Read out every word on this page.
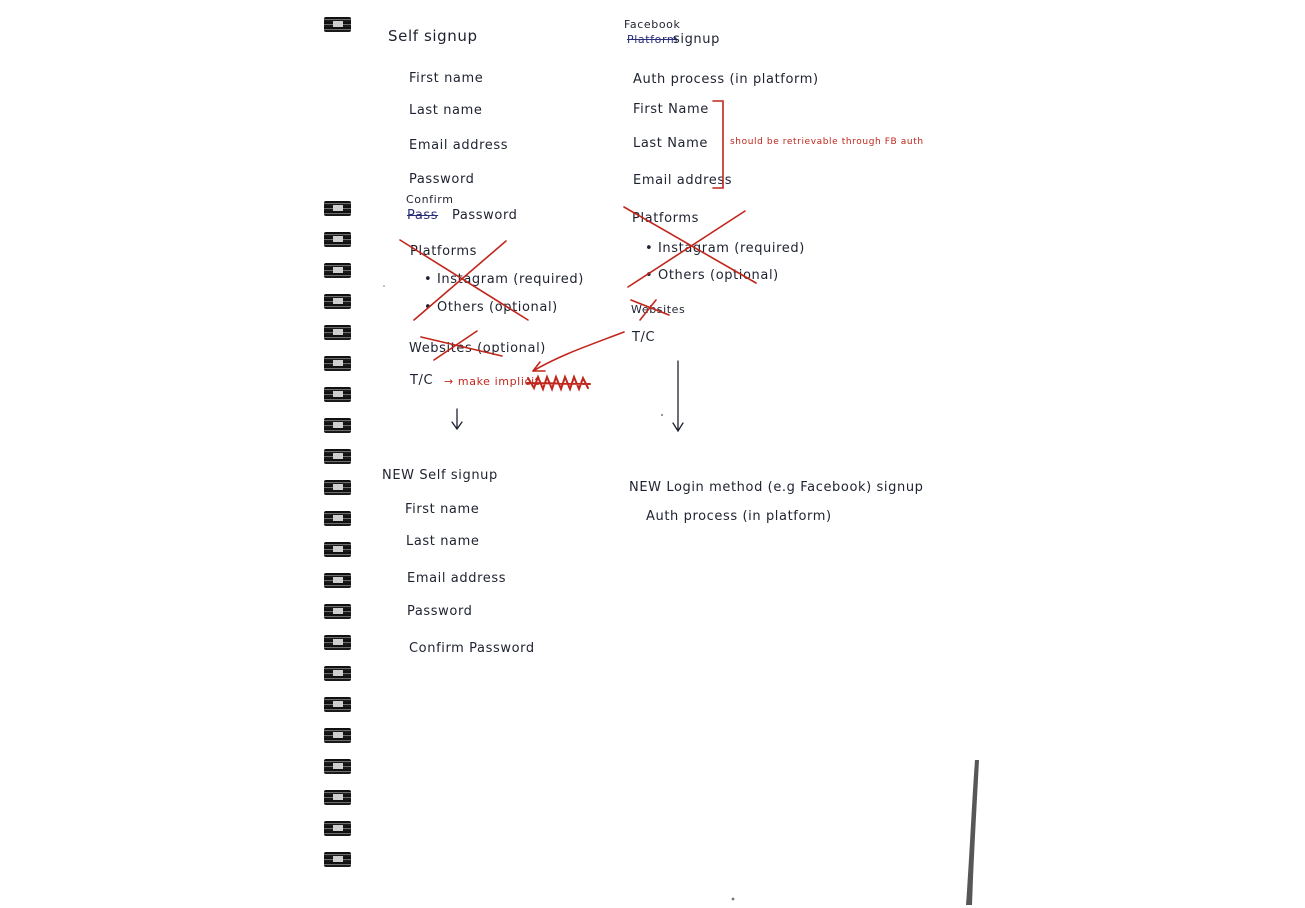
Self signup
First name
Last name
Email address
Password
Confirm
Pass Password
Platforms
• Instagram (required)
• Others (optional)
Websites (optional)
T/C → make implicit
Facebook
Platform
signup
Auth process (in platform)
First Name
Last Name
Email address
should be retrievable through FB auth
Platforms
• Instagram (required)
• Others (optional)
Websites
T/C
NEW Self signup
First name
Last name
Email address
Password
Confirm Password
NEW Login method (e.g Facebook) signup
Auth process (in platform)
